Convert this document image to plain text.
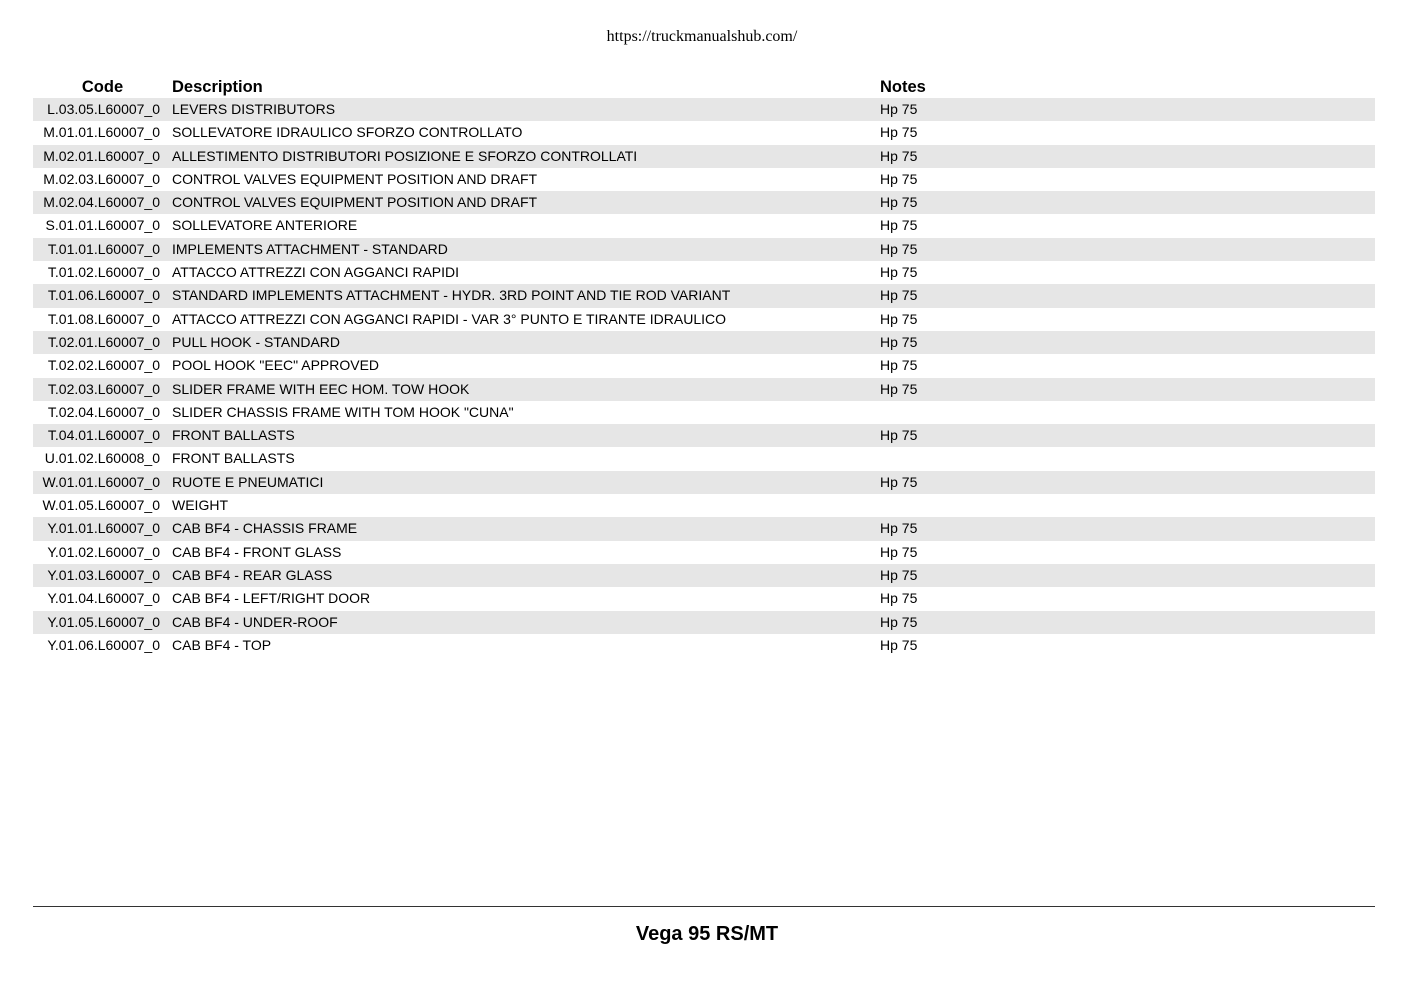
https://truckmanualshub.com/
Code	Description	Notes
L.03.05.L60007_0 LEVERS DISTRIBUTORS	Hp 75
M.01.01.L60007_0 SOLLEVATORE IDRAULICO SFORZO CONTROLLATO	Hp 75
M.02.01.L60007_0 ALLESTIMENTO DISTRIBUTORI POSIZIONE E SFORZO CONTROLLATI	Hp 75
M.02.03.L60007_0 CONTROL VALVES EQUIPMENT POSITION AND DRAFT	Hp 75
M.02.04.L60007_0 CONTROL VALVES EQUIPMENT POSITION AND DRAFT	Hp 75
S.01.01.L60007_0 SOLLEVATORE ANTERIORE	Hp 75
T.01.01.L60007_0 IMPLEMENTS ATTACHMENT - STANDARD	Hp 75
T.01.02.L60007_0 ATTACCO ATTREZZI CON AGGANCI RAPIDI	Hp 75
T.01.06.L60007_0 STANDARD IMPLEMENTS ATTACHMENT - HYDR. 3RD POINT AND TIE ROD VARIANT	Hp 75
T.01.08.L60007_0 ATTACCO ATTREZZI CON AGGANCI RAPIDI - VAR 3° PUNTO E TIRANTE IDRAULICO	Hp 75
T.02.01.L60007_0 PULL HOOK - STANDARD	Hp 75
T.02.02.L60007_0 POOL HOOK "EEC" APPROVED	Hp 75
T.02.03.L60007_0 SLIDER FRAME WITH EEC HOM. TOW HOOK	Hp 75
T.02.04.L60007_0 SLIDER CHASSIS FRAME WITH TOM HOOK "CUNA"
T.04.01.L60007_0 FRONT BALLASTS	Hp 75
U.01.02.L60008_0 FRONT BALLASTS
W.01.01.L60007_0 RUOTE E PNEUMATICI	Hp 75
W.01.05.L60007_0 WEIGHT
Y.01.01.L60007_0 CAB BF4 - CHASSIS FRAME	Hp 75
Y.01.02.L60007_0 CAB BF4 - FRONT GLASS	Hp 75
Y.01.03.L60007_0 CAB BF4 - REAR GLASS	Hp 75
Y.01.04.L60007_0 CAB BF4 - LEFT/RIGHT DOOR	Hp 75
Y.01.05.L60007_0 CAB BF4 - UNDER-ROOF	Hp 75
Y.01.06.L60007_0 CAB BF4 - TOP	Hp 75
Vega 95 RS/MT
